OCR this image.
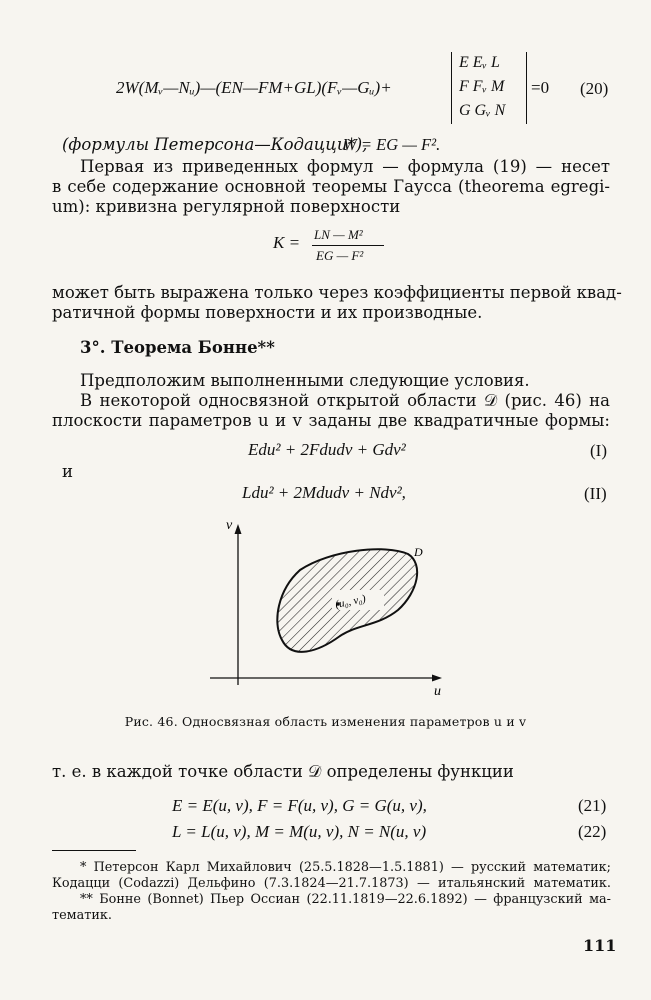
2W(Mᵥ—Nᵤ)—(EN—FM+GL)(Fᵥ—Gᵤ)+
E Eᵥ L
F Fᵥ M
G Gᵥ N
=0 (20)
(формулы Петерсона—Кодацци*),
W = EG — F².
Первая из приведенных формул — формула (19) — несет
в себе содержание основной теоремы Гаусса (theorema egregi-
um): кривизна регулярной поверхности
K = LN — M²
EG — F²
может быть выражена только через коэффициенты первой квад-
ратичной формы поверхности и их производные.
3°. Теорема Бонне**
Предположим выполненными следующие условия.
В некоторой односвязной открытой области 𝒟 (рис. 46) на
плоскости параметров u и v заданы две квадратичные формы:
Edu² + 2Fdudv + Gdv²	(I)
и
Ldu² + 2Mdudv + Ndv²,	(II)
v
u
D
(u₀, v₀)
Рис. 46. Односвязная область изменения параметров u и v
т. е. в каждой точке области 𝒟 определены функции
E = E(u, v), F = F(u, v), G = G(u, v),	(21)
L = L(u, v), M = M(u, v), N = N(u, v)	(22)
* Петерсон Карл Михайлович (25.5.1828—1.5.1881) — русский математик;
Кодацци (Codazzi) Дельфино (7.3.1824—21.7.1873) — итальянский математик.
** Бонне (Bonnet) Пьер Оссиан (22.11.1819—22.6.1892) — французский ма-
тематик.
111
